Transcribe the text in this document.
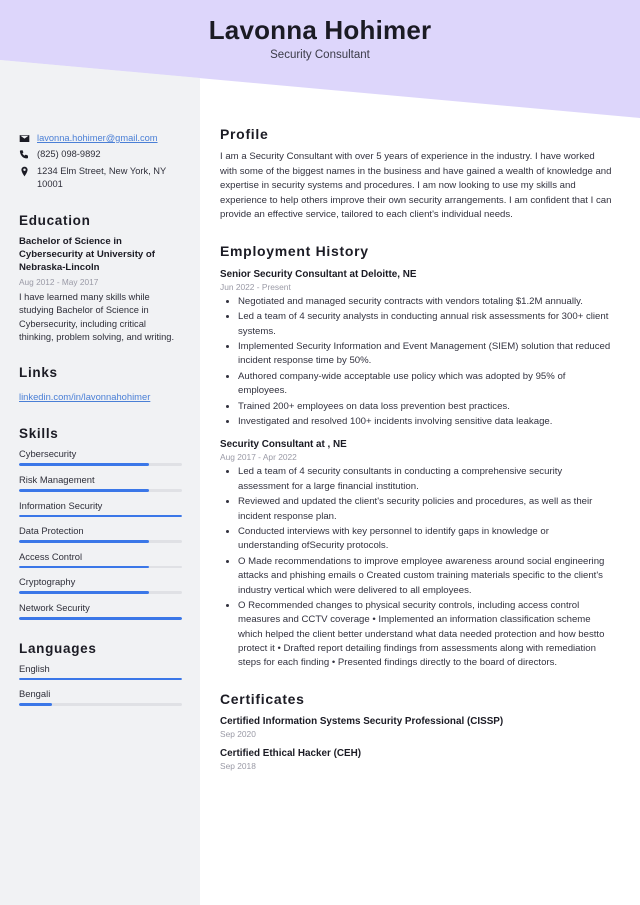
Lavonna Hohimer
Security Consultant
lavonna.hohimer@gmail.com
(825) 098-9892
1234 Elm Street, New York, NY 10001
Education
Bachelor of Science in Cybersecurity at University of Nebraska-Lincoln
Aug 2012 - May 2017
I have learned many skills while studying Bachelor of Science in Cybersecurity, including critical thinking, problem solving, and writing.
Links
linkedin.com/in/lavonnahohimer
Skills
Cybersecurity
Risk Management
Information Security
Data Protection
Access Control
Cryptography
Network Security
Languages
English
Bengali
Profile
I am a Security Consultant with over 5 years of experience in the industry. I have worked with some of the biggest names in the business and have gained a wealth of knowledge and expertise in security systems and procedures. I am now looking to use my skills and experience to help others improve their own security arrangements. I am confident that I can provide an effective service, tailored to each client's individual needs.
Employment History
Senior Security Consultant at Deloitte, NE
Jun 2022 - Present
• Negotiated and managed security contracts with vendors totaling $1.2M annually.
• Led a team of 4 security analysts in conducting annual risk assessments for 300+ client systems.
• Implemented Security Information and Event Management (SIEM) solution that reduced incident response time by 50%.
• Authored company-wide acceptable use policy which was adopted by 95% of employees.
• Trained 200+ employees on data loss prevention best practices.
• Investigated and resolved 100+ incidents involving sensitive data leakage.
Security Consultant at , NE
Aug 2017 - Apr 2022
• Led a team of 4 security consultants in conducting a comprehensive security assessment for a large financial institution.
• Reviewed and updated the client's security policies and procedures, as well as their incident response plan.
• Conducted interviews with key personnel to identify gaps in knowledge or understanding ofSecurity protocols.
• O Made recommendations to improve employee awareness around social engineering attacks and phishing emails o Created custom training materials specific to the client's industry vertical which were delivered to all employees.
• O Recommended changes to physical security controls, including access control measures and CCTV coverage • Implemented an information classification scheme which helped the client better understand what data needed protection and how bestto protect it • Drafted report detailing findings from assessments along with remediation steps for each finding • Presented findings directly to the board of directors.
Certificates
Certified Information Systems Security Professional (CISSP)
Sep 2020
Certified Ethical Hacker (CEH)
Sep 2018
